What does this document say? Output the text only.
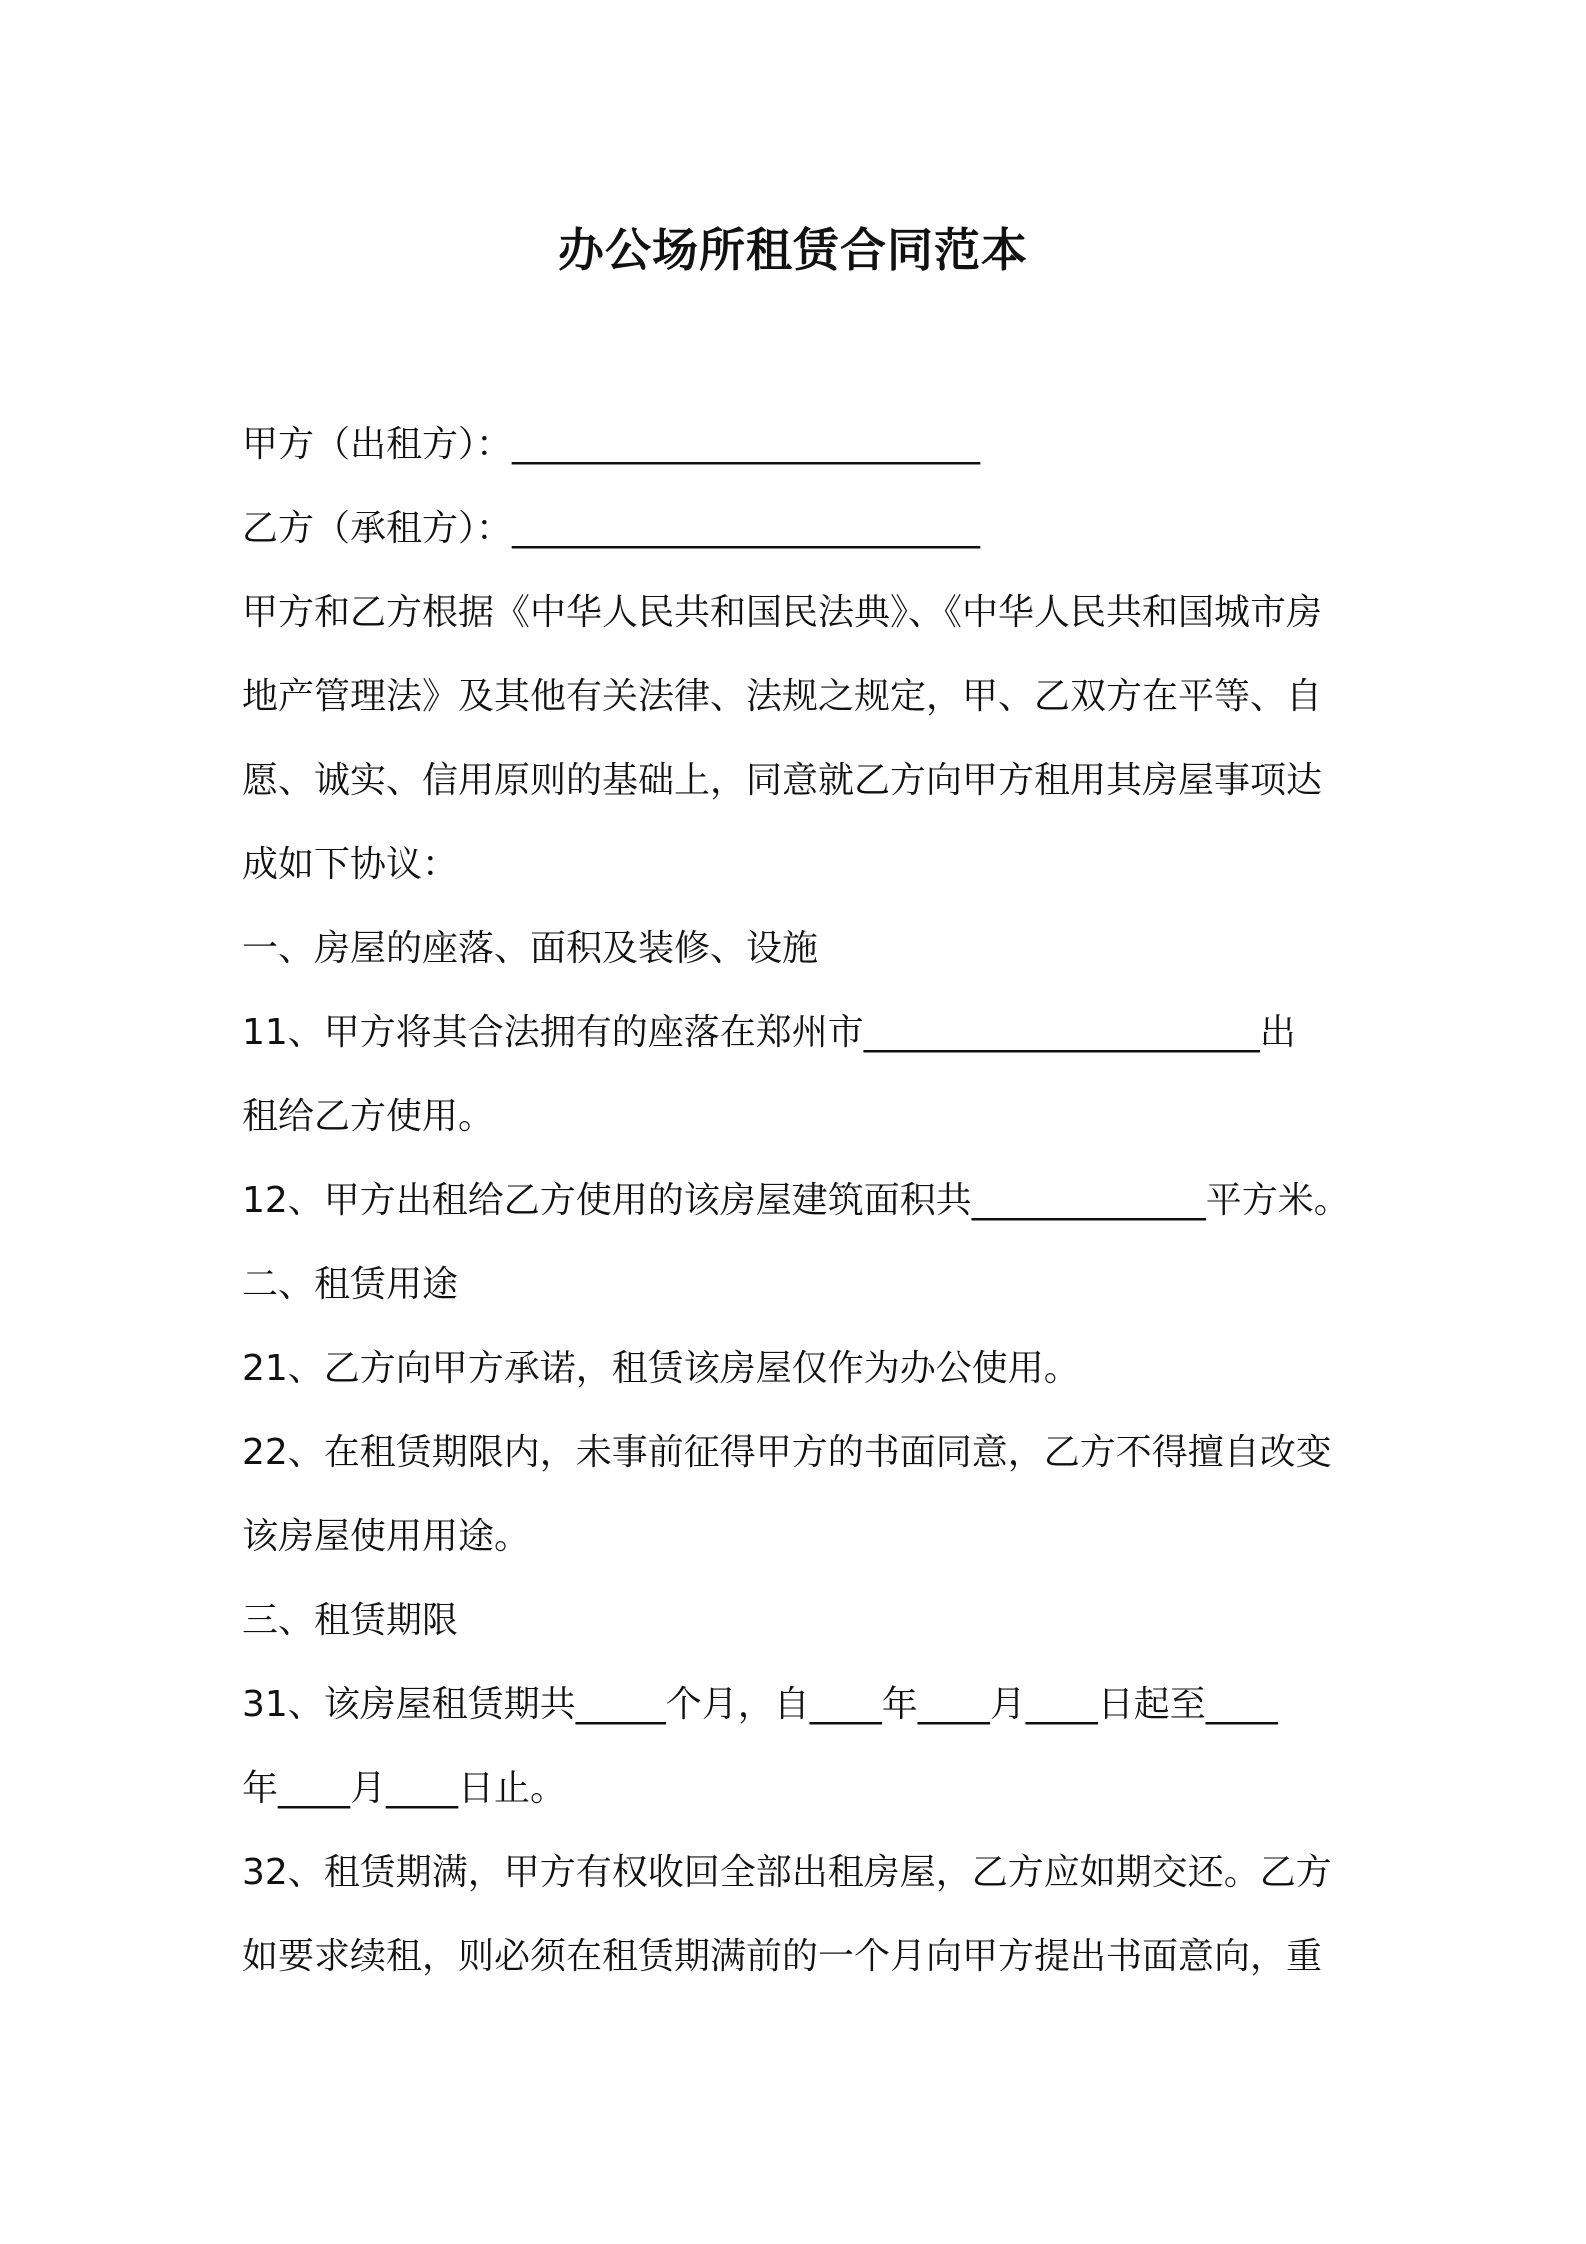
办公场所租赁合同范本
甲方（出租方）：__________________________
乙方（承租方）：__________________________
甲方和乙方根据《中华人民共和国民法典》、《中华人民共和国城市房
地产管理法》及其他有关法律、法规之规定，甲、乙双方在平等、自
愿、诚实、信用原则的基础上，同意就乙方向甲方租用其房屋事项达
成如下协议：
一、房屋的座落、面积及装修、设施
11、甲方将其合法拥有的座落在郑州市______________________出
租给乙方使用。
12、甲方出租给乙方使用的该房屋建筑面积共_____________平方米。
二、租赁用途
21、乙方向甲方承诺，租赁该房屋仅作为办公使用。
22、在租赁期限内，未事前征得甲方的书面同意，乙方不得擅自改变
该房屋使用用途。
三、租赁期限
31、该房屋租赁期共_____个月，自____年____月____日起至____
年____月____日止。
32、租赁期满，甲方有权收回全部出租房屋，乙方应如期交还。乙方
如要求续租，则必须在租赁期满前的一个月向甲方提出书面意向，重
